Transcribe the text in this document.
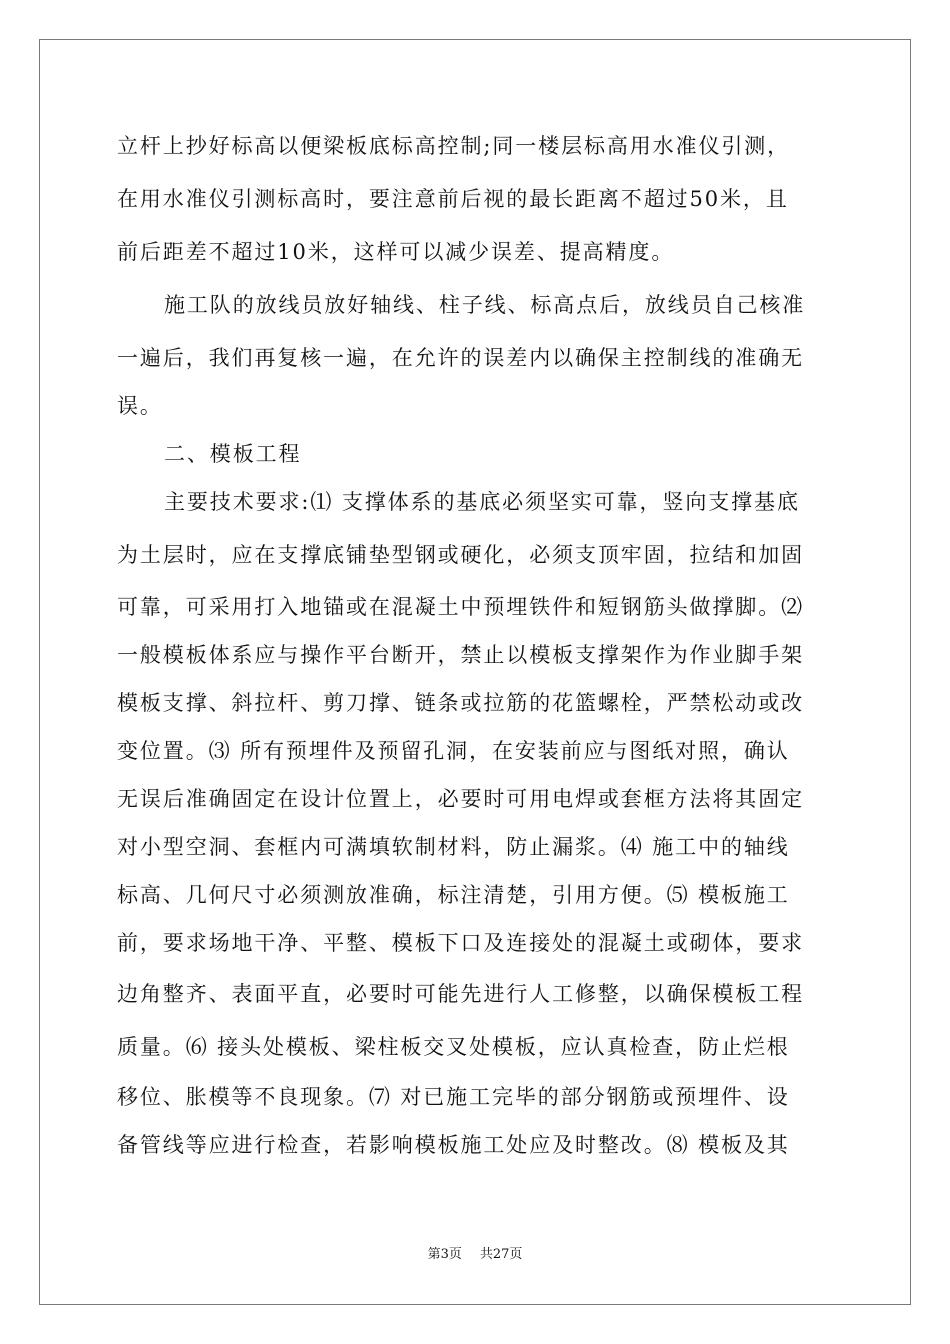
立杆上抄好标高以便梁板底标高控制;同一楼层标高用水准仪引测，
在用水准仪引测标高时，要注意前后视的最长距离不超过50米，且
前后距差不超过10米，这样可以减少误差、提高精度。
施工队的放线员放好轴线、柱子线、标高点后，放线员自己核准
一遍后，我们再复核一遍，在允许的误差内以确保主控制线的准确无
误。
二、模板工程
主要技术要求:⑴ 支撑体系的基底必须坚实可靠，竖向支撑基底
为土层时，应在支撑底铺垫型钢或硬化，必须支顶牢固，拉结和加固
可靠，可采用打入地锚或在混凝土中预埋铁件和短钢筋头做撑脚。⑵
一般模板体系应与操作平台断开，禁止以模板支撑架作为作业脚手架
模板支撑、斜拉杆、剪刀撑、链条或拉筋的花篮螺栓，严禁松动或改
变位置。⑶ 所有预埋件及预留孔洞，在安装前应与图纸对照，确认
无误后准确固定在设计位置上，必要时可用电焊或套框方法将其固定
对小型空洞、套框内可满填软制材料，防止漏浆。⑷ 施工中的轴线
标高、几何尺寸必须测放准确，标注清楚，引用方便。⑸ 模板施工
前，要求场地干净、平整、模板下口及连接处的混凝土或砌体，要求
边角整齐、表面平直，必要时可能先进行人工修整，以确保模板工程
质量。⑹ 接头处模板、梁柱板交叉处模板，应认真检查，防止烂根
移位、胀模等不良现象。⑺ 对已施工完毕的部分钢筋或预埋件、设
备管线等应进行检查，若影响模板施工处应及时整改。⑻ 模板及其
第3页 共27页
